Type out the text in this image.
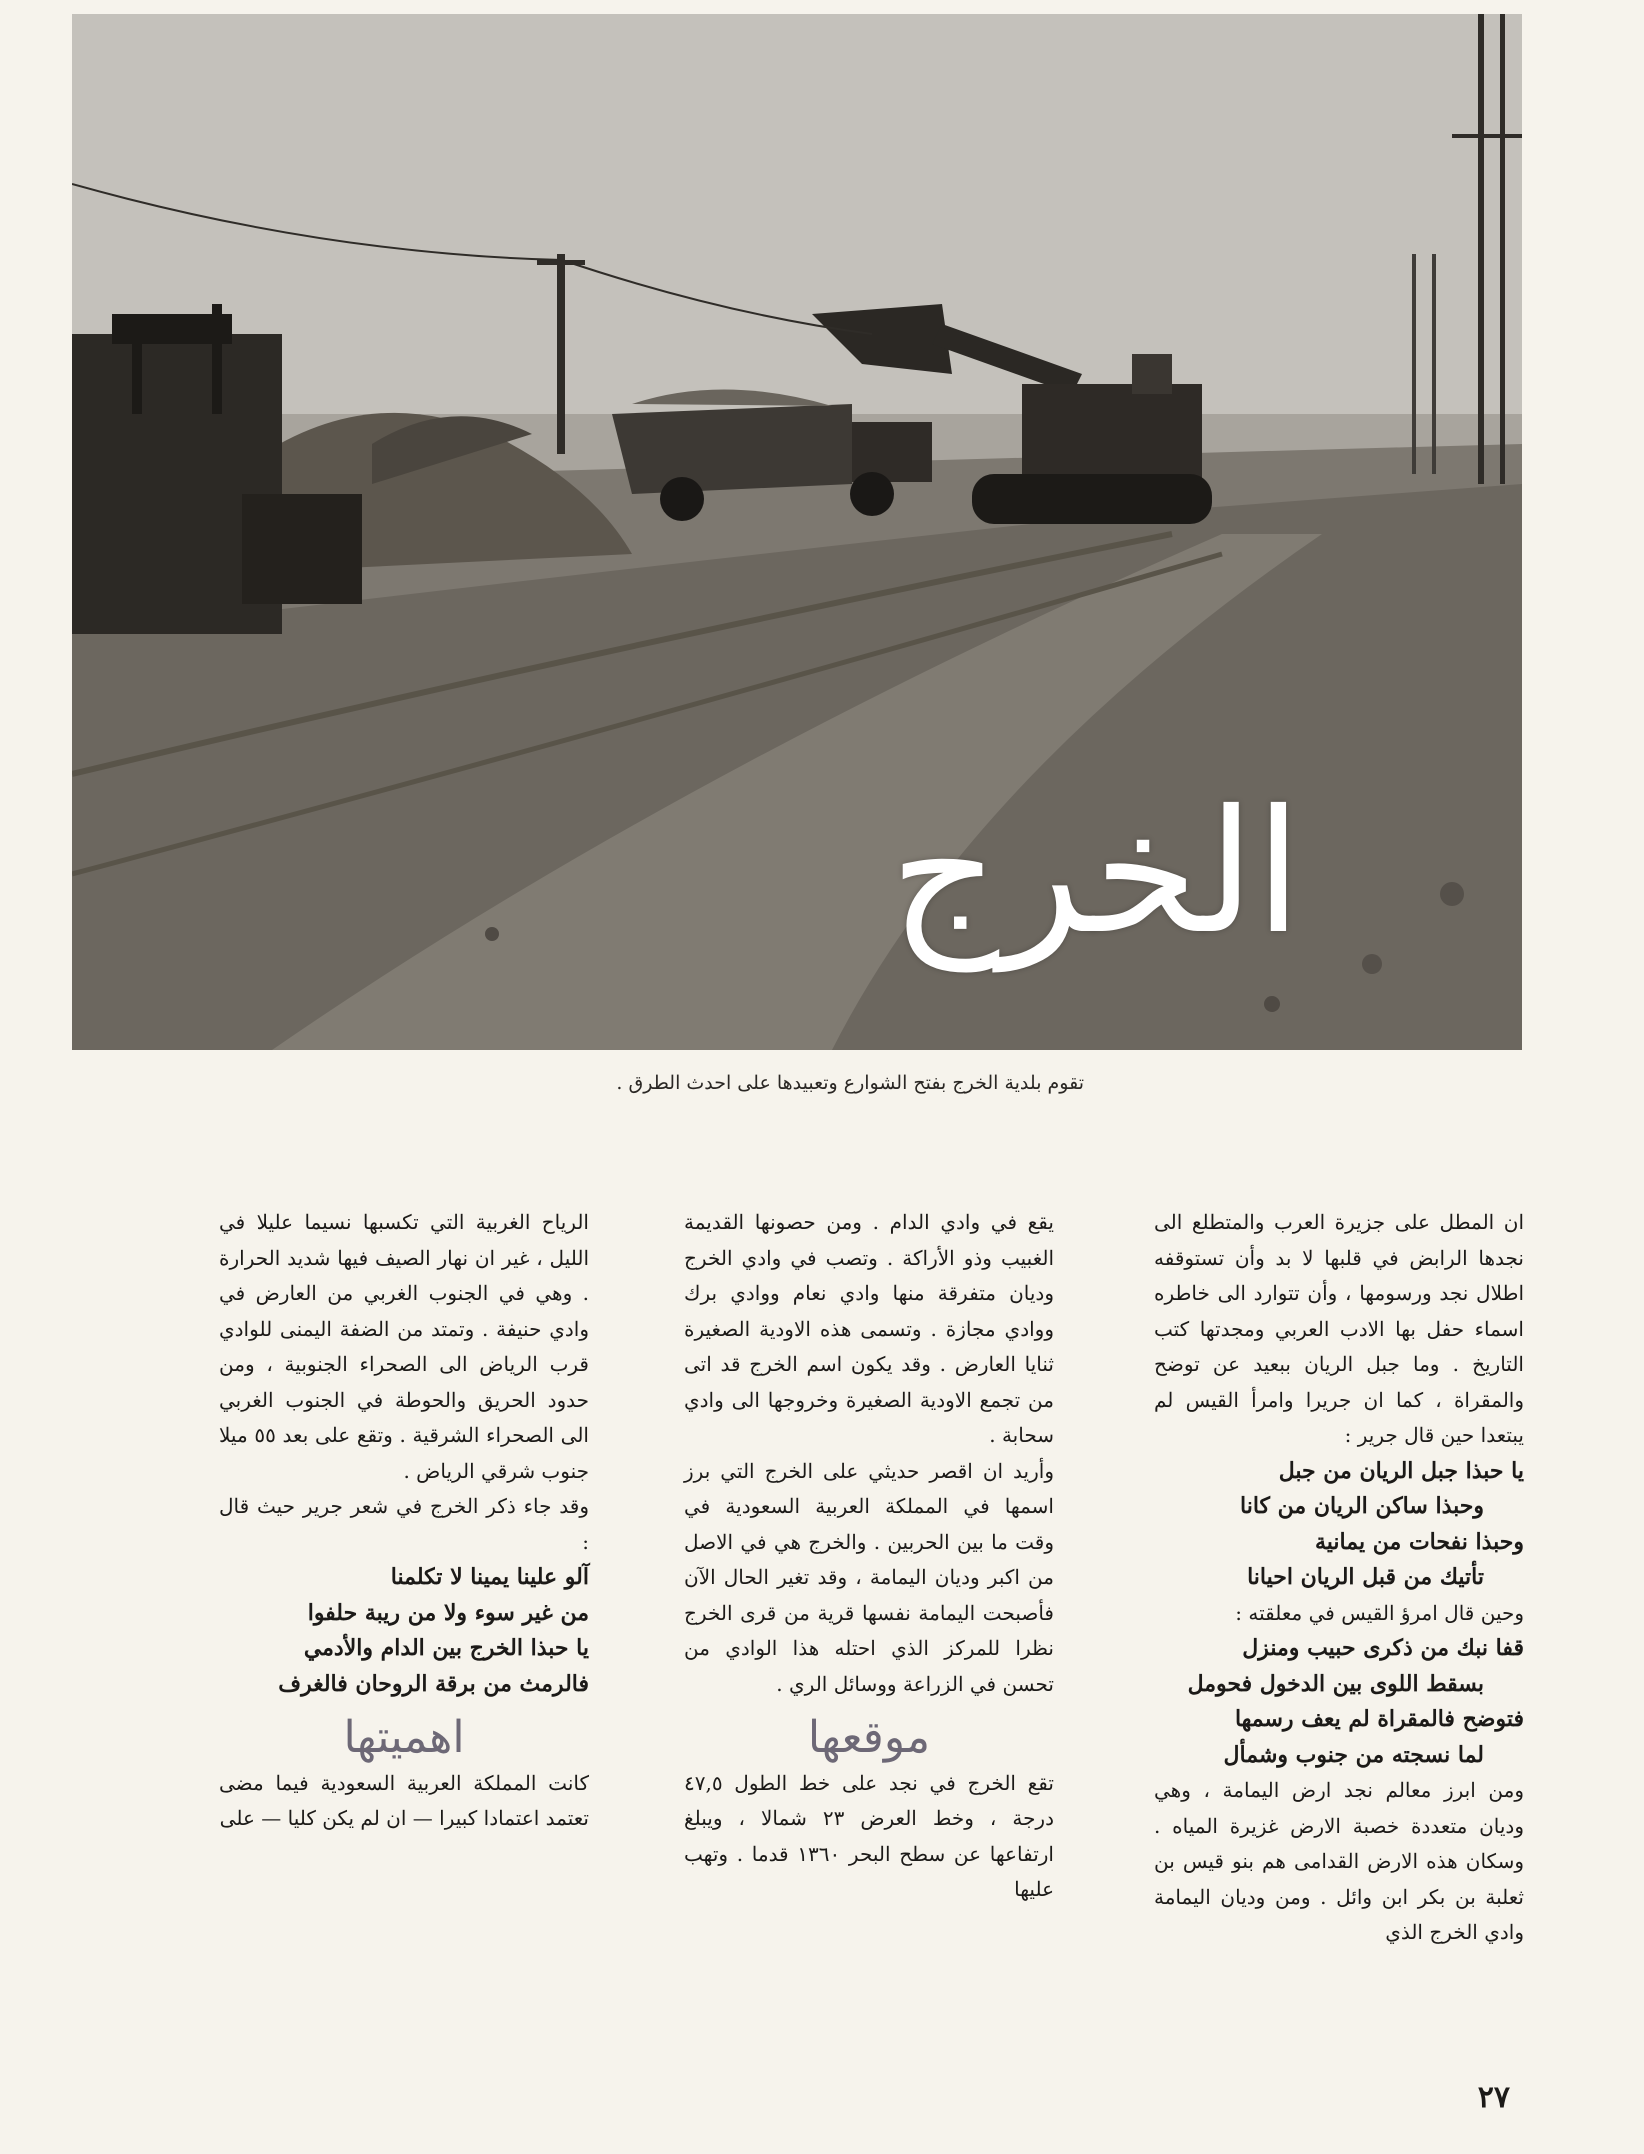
الخرج
تقوم بلدية الخرج بفتح الشوارع وتعبيدها على احدث الطرق .

ان المطل على جزيرة العرب والمتطلع الى نجدها الرابض في قلبها لا بد وأن تستوقفه اطلال نجد ورسومها ، وأن تتوارد الى خاطره اسماء حفل بها الادب العربي ومجدتها كتب التاريخ . وما جبل الريان ببعيد عن توضح والمقراة ، كما ان جريرا وامرأ القيس لم يبتعدا حين قال جرير :

يا حبذا جبل الريان من جبل

وحبذا ساكن الريان من كانا

وحبذا نفحات من يمانية

تأتيك من قبل الريان احيانا

وحين قال امرؤ القيس في معلقته :

قفا نبك من ذكرى حبيب ومنزل

بسقط اللوى بين الدخول فحومل

فتوضح فالمقراة لم يعف رسمها

لما نسجته من جنوب وشمأل

ومن ابرز معالم نجد ارض اليمامة ، وهي وديان متعددة خصبة الارض غزيرة المياه . وسكان هذه الارض القدامى هم بنو قيس بن ثعلبة بن بكر ابن وائل . ومن وديان اليمامة وادي الخرج الذي

يقع في وادي الدام . ومن حصونها القديمة الغبيب وذو الأراكة . وتصب في وادي الخرج وديان متفرقة منها وادي نعام ووادي برك ووادي مجازة . وتسمى هذه الاودية الصغيرة ثنايا العارض . وقد يكون اسم الخرج قد اتى من تجمع الاودية الصغيرة وخروجها الى وادي سحابة .

وأريد ان اقصر حديثي على الخرج التي برز اسمها في المملكة العربية السعودية في وقت ما بين الحربين . والخرج هي في الاصل من اكبر وديان اليمامة ، وقد تغير الحال الآن فأصبحت اليمامة نفسها قرية من قرى الخرج نظرا للمركز الذي احتله هذا الوادي من تحسن في الزراعة ووسائل الري .

موقعها

تقع الخرج في نجد على خط الطول ٤٧,٥ درجة ، وخط العرض ٢٣ شمالا ، ويبلغ ارتفاعها عن سطح البحر ١٣٦٠ قدما . وتهب عليها

الرياح الغربية التي تكسبها نسيما عليلا في الليل ، غير ان نهار الصيف فيها شديد الحرارة . وهي في الجنوب الغربي من العارض في وادي حنيفة . وتمتد من الضفة اليمنى للوادي قرب الرياض الى الصحراء الجنوبية ، ومن حدود الحريق والحوطة في الجنوب الغربي الى الصحراء الشرقية . وتقع على بعد ٥٥ ميلا جنوب شرقي الرياض .

وقد جاء ذكر الخرج في شعر جرير حيث قال :

آلو علينا يمينا لا تكلمنا

من غير سوء ولا من ريبة حلفوا

يا حبذا الخرج بين الدام والأدمي

فالرمث من برقة الروحان فالغرف

اهميتها

كانت المملكة العربية السعودية فيما مضى تعتمد اعتمادا كبيرا — ان لم يكن كليا — على

٢٧
